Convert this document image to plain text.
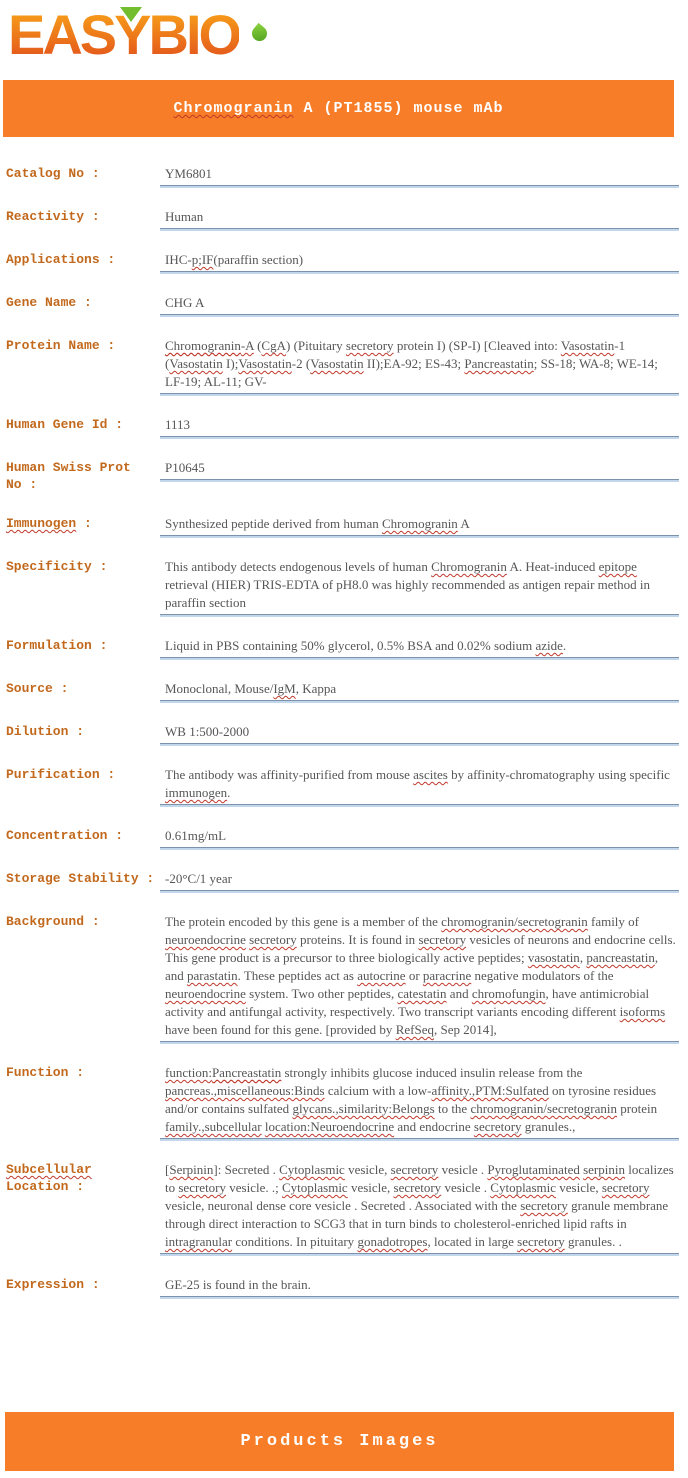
EASYBIO
Chromogranin A (PT1855) mouse mAb
Catalog No :	YM6801
Reactivity :	Human
Applications :	IHC-p;IF(paraffin section)
Gene Name :	CHG A
Protein Name :	Chromogranin-A (CgA) (Pituitary secretory protein I) (SP-I) [Cleaved into: Vasostatin-1 (Vasostatin I);Vasostatin-2 (Vasostatin II);EA-92; ES-43; Pancreastatin; SS-18; WA-8; WE-14; LF-19; AL-11; GV-
Human Gene Id :	1113
Human Swiss Prot
No :
P10645
Immunogen :	Synthesized peptide derived from human Chromogranin A
Specificity :	This antibody detects endogenous levels of human Chromogranin A. Heat-induced epitope retrieval (HIER) TRIS-EDTA of pH8.0 was highly recommended as antigen repair method in paraffin section
Formulation :	Liquid in PBS containing 50% glycerol, 0.5% BSA and 0.02% sodium azide.
Source :	Monoclonal, Mouse/IgM, Kappa
Dilution :	WB 1:500-2000
Purification :	The antibody was affinity-purified from mouse ascites by affinity-chromatography using specific immunogen.
Concentration :	0.61mg/mL
Storage Stability : -20°C/1 year
Background :	The protein encoded by this gene is a member of the chromogranin/secretogranin family of neuroendocrine secretory proteins. It is found in secretory vesicles of neurons and endocrine cells. This gene product is a precursor to three biologically active peptides; vasostatin, pancreastatin, and parastatin. These peptides act as autocrine or paracrine negative modulators of the neuroendocrine system. Two other peptides, catestatin and chromofungin, have antimicrobial activity and antifungal activity, respectively. Two transcript variants encoding different isoforms have been found for this gene. [provided by RefSeq, Sep 2014],
Function :	function:Pancreastatin strongly inhibits glucose induced insulin release from the pancreas.,miscellaneous:Binds calcium with a low-affinity.,PTM:Sulfated on tyrosine residues and/or contains sulfated glycans.,similarity:Belongs to the chromogranin/secretogranin protein family.,subcellular location:Neuroendocrine and endocrine secretory granules.,
Subcellular
Location :
[Serpinin]: Secreted . Cytoplasmic vesicle, secretory vesicle . Pyroglutaminated serpinin localizes to secretory vesicle. .; Cytoplasmic vesicle, secretory vesicle . Cytoplasmic vesicle, secretory vesicle, neuronal dense core vesicle . Secreted . Associated with the secretory granule membrane through direct interaction to SCG3 that in turn binds to cholesterol-enriched lipid rafts in intragranular conditions. In pituitary gonadotropes, located in large secretory granules. .
Expression :	GE-25 is found in the brain.
Products Images
